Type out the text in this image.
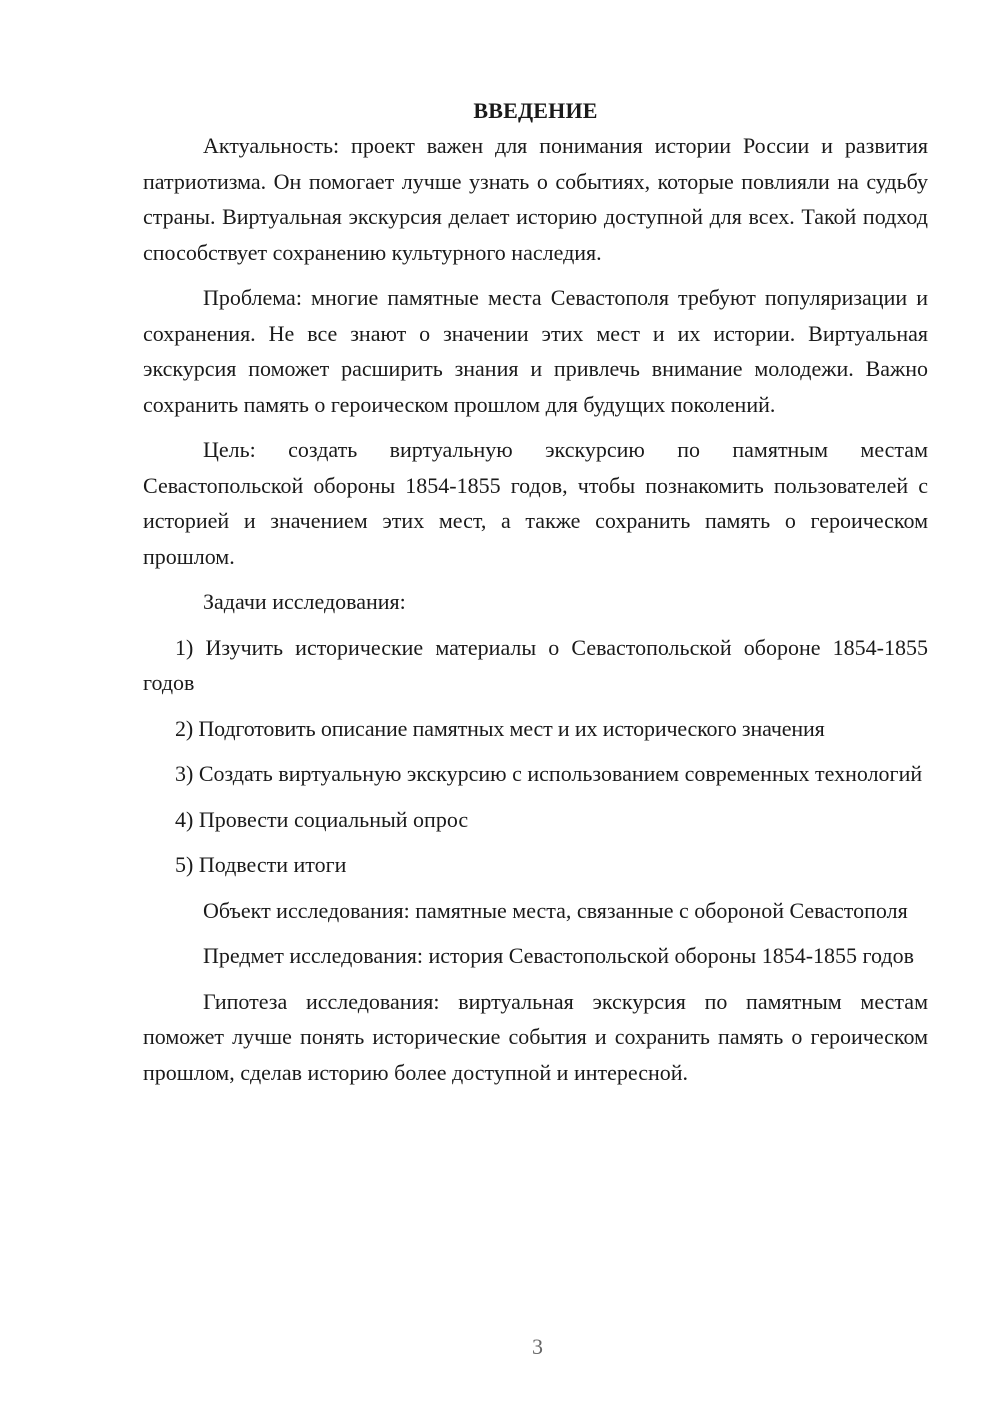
ВВЕДЕНИЕ

Актуальность: проект важен для понимания истории России и развития патриотизма. Он помогает лучше узнать о событиях, которые повлияли на судьбу страны. Виртуальная экскурсия делает историю доступной для всех. Такой подход способствует сохранению культурного наследия.

Проблема: многие памятные места Севастополя требуют популяризации и сохранения. Не все знают о значении этих мест и их истории. Виртуальная экскурсия поможет расширить знания и привлечь внимание молодежи. Важно сохранить память о героическом прошлом для будущих поколений.

Цель: создать виртуальную экскурсию по памятным местам Севастопольской обороны 1854-1855 годов, чтобы познакомить пользователей с историей и значением этих мест, а также сохранить память о героическом прошлом.

Задачи исследования:

1) Изучить исторические материалы о Севастопольской обороне 1854-1855 годов

2) Подготовить описание памятных мест и их исторического значения

3) Создать виртуальную экскурсию с использованием современных технологий

4) Провести социальный опрос

5) Подвести итоги

Объект исследования: памятные места, связанные с обороной Севастополя

Предмет исследования: история Севастопольской обороны 1854-1855 годов

Гипотеза исследования: виртуальная экскурсия по памятным местам поможет лучше понять исторические события и сохранить память о героическом прошлом, сделав историю более доступной и интересной.

3
